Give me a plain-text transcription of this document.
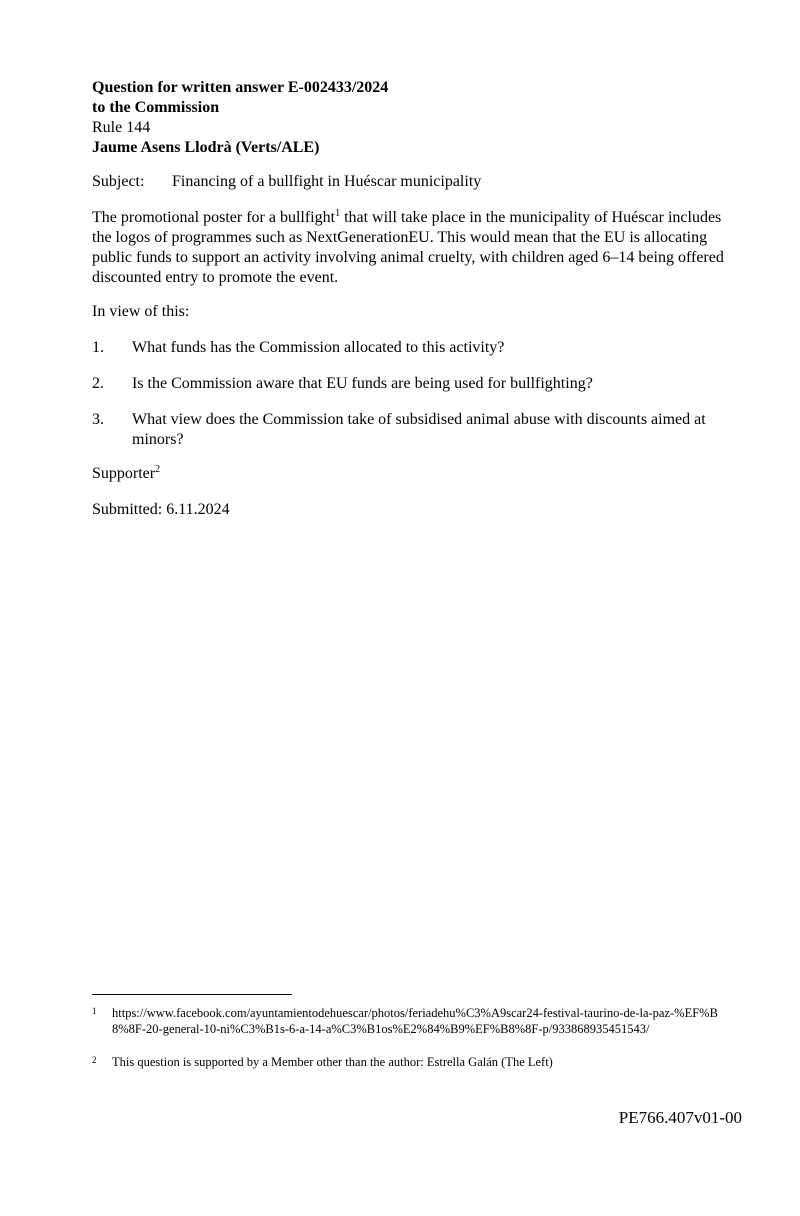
Question for written answer E-002433/2024
to the Commission
Rule 144
Jaume Asens Llodrà (Verts/ALE)
Subject: Financing of a bullfight in Huéscar municipality
The promotional poster for a bullfight$^1$ that will take place in the municipality of Huéscar includes the logos of programmes such as NextGenerationEU. This would mean that the EU is allocating public funds to support an activity involving animal cruelty, with children aged 6–14 being offered discounted entry to promote the event.
In view of this:
1. What funds has the Commission allocated to this activity?
2. Is the Commission aware that EU funds are being used for bullfighting?
3. What view does the Commission take of subsidised animal abuse with discounts aimed at minors?
Supporter$^2$
Submitted: 6.11.2024
1 https://www.facebook.com/ayuntamientodehuescar/photos/feriadehu%C3%A9scar24-festival-taurino-de-la-paz-%EF%B8%8F-20-general-10-ni%C3%B1s-6-a-14-a%C3%B1os%E2%84%B9%EF%B8%8F-p/933868935451543/
2 This question is supported by a Member other than the author: Estrella Galán (The Left)
PE766.407v01-00
